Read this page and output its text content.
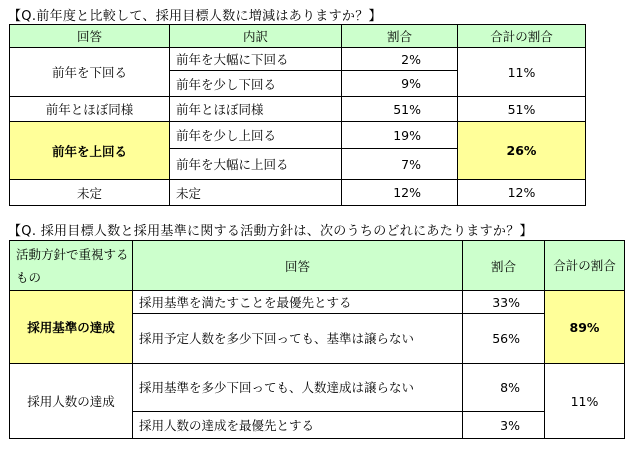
【Q.前年度と比較して、採用目標人数に増減はありますか？】
回答	内訳	割合	合計の割合
前年を下回る	前年を大幅に下回る	2%	11%
	前年を少し下回る	9%	
前年とほぼ同様	前年とほぼ同様	51%	51%
前年を上回る	前年を少し上回る	19%	26%
	前年を大幅に上回る	7%	
未定	未定	12%	12%
【Q. 採用目標人数と採用基準に関する活動方針は、次のうちのどれにあたりますか？】
活動方針で重視するもの	回答	割合	合計の割合
採用基準の達成	採用基準を満たすことを最優先とする	33%	89%
	採用予定人数を多少下回っても、基準は譲らない	56%	
採用人数の達成	採用基準を多少下回っても、人数達成は譲らない	8%	11%
	採用人数の達成を最優先とする	3%	
